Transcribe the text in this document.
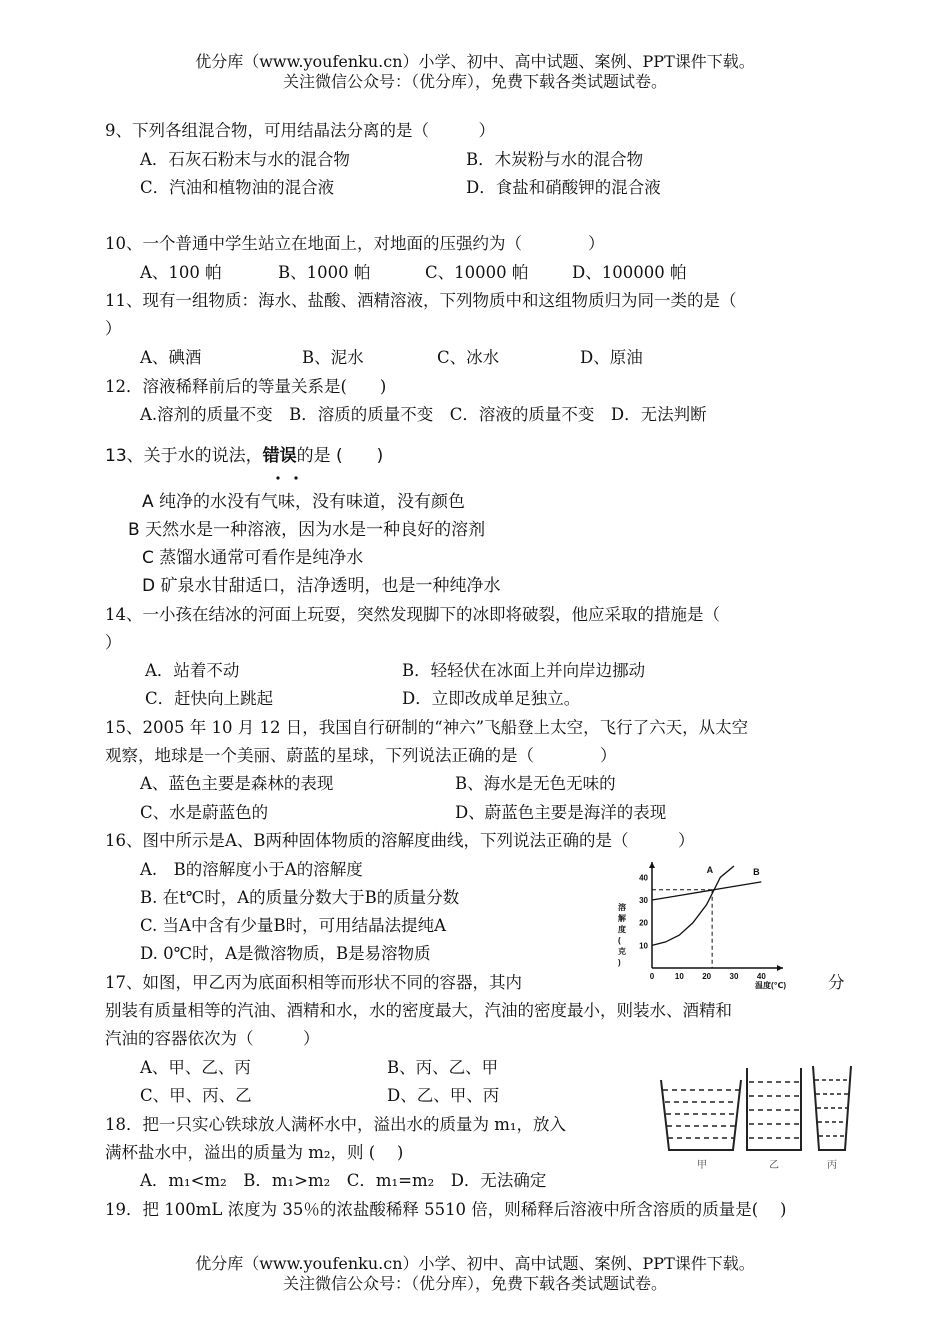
优分库（www.youfenku.cn）小学、初中、高中试题、案例、PPT课件下载。
关注微信公众号：（优分库），免费下载各类试题试卷。
9、下列各组混合物，可用结晶法分离的是（　　　）
A．石灰石粉末与水的混合物	B．木炭粉与水的混合物
C．汽油和植物油的混合液	D．食盐和硝酸钾的混合液
10、一个普通中学生站立在地面上，对地面的压强约为（　　　　）
A、100 帕	B、1000 帕	C、10000 帕	D、100000 帕
11、现有一组物质：海水、盐酸、酒精溶液，下列物质中和这组物质归为同一类的是（
）
A、碘酒	B、泥水	C、冰水	D、原油
12．溶液稀释前后的等量关系是(　　)
A.溶剂的质量不变　B．溶质的质量不变　C．溶液的质量不变　D．无法判断
13、关于水的说法，错误的是 (　　)
A 纯净的水没有气味，没有味道，没有颜色
B 天然水是一种溶液，因为水是一种良好的溶剂
C 蒸馏水通常可看作是纯净水
D 矿泉水甘甜适口，洁净透明，也是一种纯净水
14、一小孩在结冰的河面上玩耍，突然发现脚下的冰即将破裂，他应采取的措施是（
）
A．站着不动	B．轻轻伏在冰面上并向岸边挪动
C．赶快向上跳起	D．立即改成单足独立。
15、2005 年 10 月 12 日，我国自行研制的“神六”飞船登上太空，飞行了六天，从太空
观察，地球是一个美丽、蔚蓝的星球，下列说法正确的是（　　　　）
A、蓝色主要是森林的表现	B、海水是无色无味的
C、水是蔚蓝色的	D、蔚蓝色主要是海洋的表现
16、图中所示是A、B两种固体物质的溶解度曲线，下列说法正确的是（　　　）
A.　B的溶解度小于A的溶解度
B. 在t℃时，A的质量分数大于B的质量分数
C. 当A中含有少量B时，可用结晶法提纯A
D. 0℃时，A是微溶物质，B是易溶物质
0	10 20 30 40
10
20
30
40
A	B
温度(℃)
溶
解
度
(
克
)
17、如图，甲乙丙为底面积相等而形状不同的容器，其内	分
别装有质量相等的汽油、酒精和水，水的密度最大，汽油的密度最小，则装水、酒精和
汽油的容器依次为（　　　）
A、甲、乙、丙	B、丙、乙、甲
C、甲、丙、乙	D、乙、甲、丙
甲	乙	丙
18．把一只实心铁球放人满杯水中，溢出水的质量为 m₁，放入
满杯盐水中，溢出的质量为 m₂，则 (　 )
A．m₁<m₂　B．m₁>m₂　C．m₁=m₂　D．无法确定
19．把 100mL 浓度为 35％的浓盐酸稀释 5510 倍，则稀释后溶液中所含溶质的质量是(　 )
优分库（www.youfenku.cn）小学、初中、高中试题、案例、PPT课件下载。
关注微信公众号：（优分库），免费下载各类试题试卷。
